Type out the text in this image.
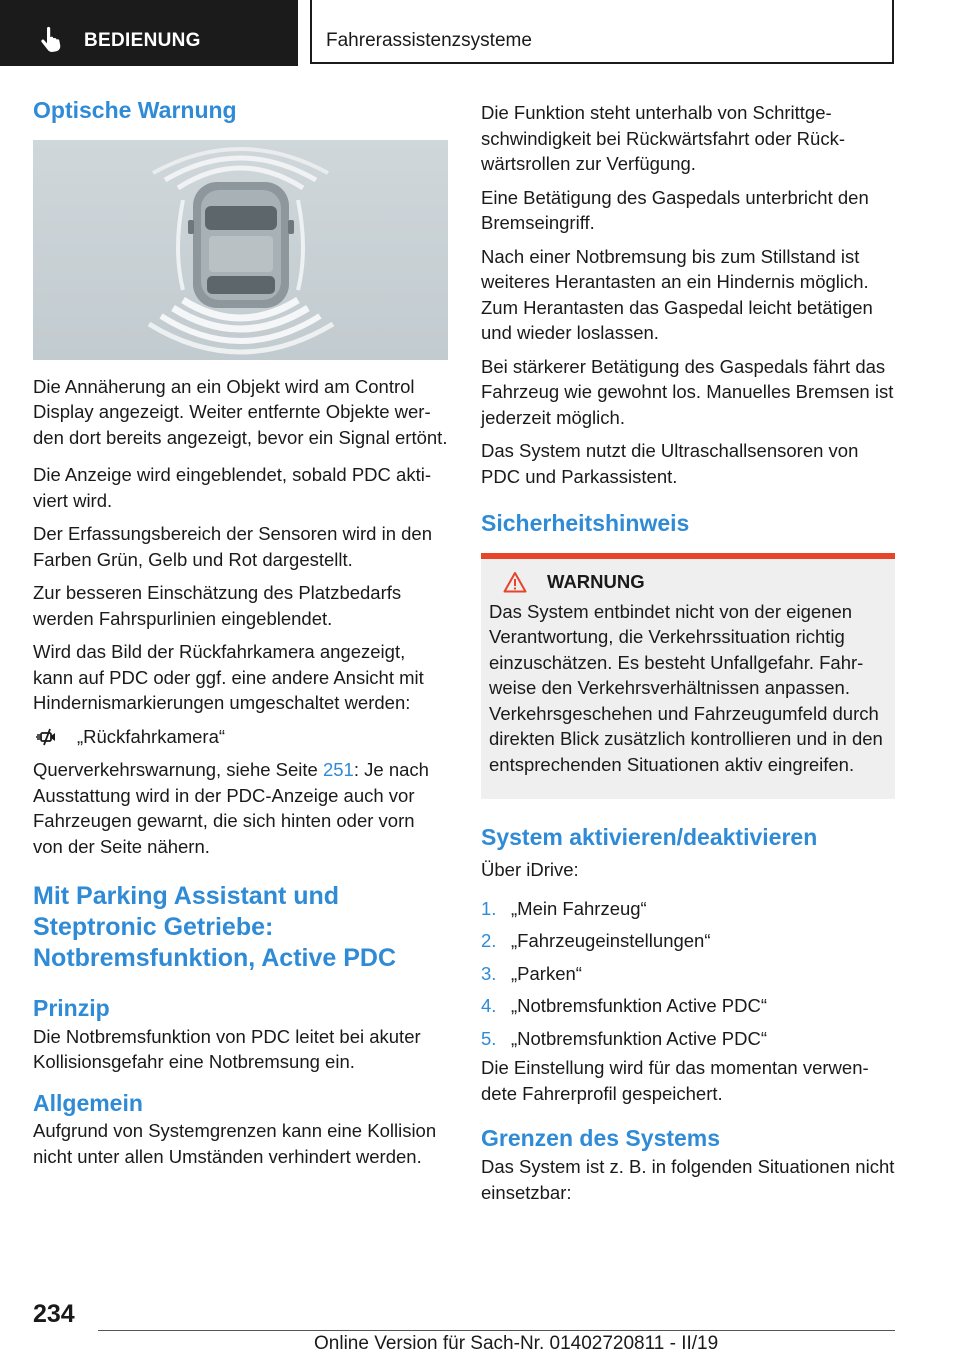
BEDIENUNG	Fahrerassistenzsysteme
Optische Warnung

Die Annäherung an ein Objekt wird am Control Display angezeigt. Weiter entfernte Objekte werden dort bereits angezeigt, bevor ein Signal ertönt.

Die Anzeige wird eingeblendet, sobald PDC aktiviert wird.

Der Erfassungsbereich der Sensoren wird in den Farben Grün, Gelb und Rot dargestellt.

Zur besseren Einschätzung des Platzbedarfs werden Fahrspurlinien eingeblendet.

Wird das Bild der Rückfahrkamera angezeigt, kann auf PDC oder ggf. eine andere Ansicht mit Hindernismarkierungen umgeschaltet werden:

„Rückfahrkamera“

Querverkehrswarnung, siehe Seite 251: Je nach Ausstattung wird in der PDC-Anzeige auch vor Fahrzeugen gewarnt, die sich hinten oder vorn von der Seite nähern.

Mit Parking Assistant und Steptronic Getriebe: Notbremsfunktion, Active PDC
Prinzip

Die Notbremsfunktion von PDC leitet bei akuter Kollisionsgefahr eine Notbremsung ein.

Allgemein

Aufgrund von Systemgrenzen kann eine Kollision nicht unter allen Umständen verhindert werden.

Die Funktion steht unterhalb von Schrittgeschwindigkeit bei Rückwärtsfahrt oder Rückwärtsrollen zur Verfügung.

Eine Betätigung des Gaspedals unterbricht den Bremseingriff.

Nach einer Notbremsung bis zum Stillstand ist weiteres Herantasten an ein Hindernis möglich. Zum Herantasten das Gaspedal leicht betätigen und wieder loslassen.

Bei stärkerer Betätigung des Gaspedals fährt das Fahrzeug wie gewohnt los. Manuelles Bremsen ist jederzeit möglich.

Das System nutzt die Ultraschallsensoren von PDC und Parkassistent.

Sicherheitshinweis
WARNUNG

Das System entbindet nicht von der eigenen Verantwortung, die Verkehrssituation richtig einzuschätzen. Es besteht Unfallgefahr. Fahrweise den Verkehrsverhältnissen anpassen. Verkehrsgeschehen und Fahrzeugumfeld durch direkten Blick zusätzlich kontrollieren und in den entsprechenden Situationen aktiv eingreifen.

System aktivieren/deaktivieren

Über iDrive:

1. „Mein Fahrzeug“
2. „Fahrzeugeinstellungen“
3. „Parken“
4. „Notbremsfunktion Active PDC“
5. „Notbremsfunktion Active PDC“

Die Einstellung wird für das momentan verwendete Fahrerprofil gespeichert.

Grenzen des Systems

Das System ist z. B. in folgenden Situationen nicht einsetzbar:

234
Online Version für Sach-Nr. 01402720811 - II/19
